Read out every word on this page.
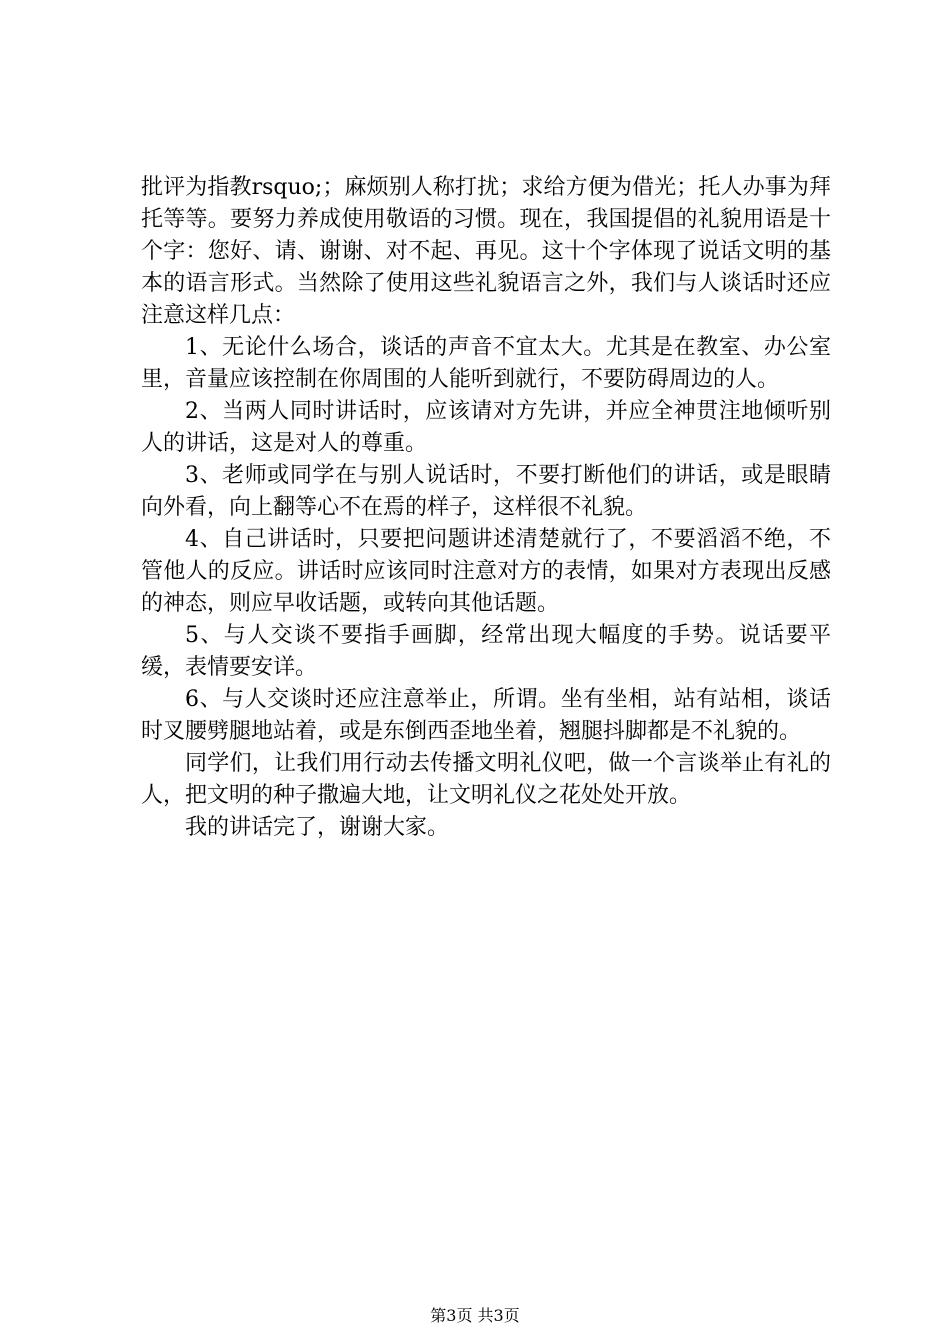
批评为指教rsquo;；麻烦别人称打扰；求给方便为借光；托人办事为拜托等等。要努力养成使用敬语的习惯。现在，我国提倡的礼貌用语是十个字：您好、请、谢谢、对不起、再见。这十个字体现了说话文明的基本的语言形式。当然除了使用这些礼貌语言之外，我们与人谈话时还应注意这样几点：

1、无论什么场合，谈话的声音不宜太大。尤其是在教室、办公室里，音量应该控制在你周围的人能听到就行，不要防碍周边的人。

2、当两人同时讲话时，应该请对方先讲，并应全神贯注地倾听别人的讲话，这是对人的尊重。

3、老师或同学在与别人说话时，不要打断他们的讲话，或是眼睛向外看，向上翻等心不在焉的样子，这样很不礼貌。

4、自己讲话时，只要把问题讲述清楚就行了，不要滔滔不绝，不管他人的反应。讲话时应该同时注意对方的表情，如果对方表现出反感的神态，则应早收话题，或转向其他话题。

5、与人交谈不要指手画脚，经常出现大幅度的手势。说话要平缓，表情要安详。

6、与人交谈时还应注意举止，所谓。坐有坐相，站有站相，谈话时叉腰劈腿地站着，或是东倒西歪地坐着，翘腿抖脚都是不礼貌的。

同学们，让我们用行动去传播文明礼仪吧，做一个言谈举止有礼的人，把文明的种子撒遍大地，让文明礼仪之花处处开放。

我的讲话完了，谢谢大家。

第3页 共3页
